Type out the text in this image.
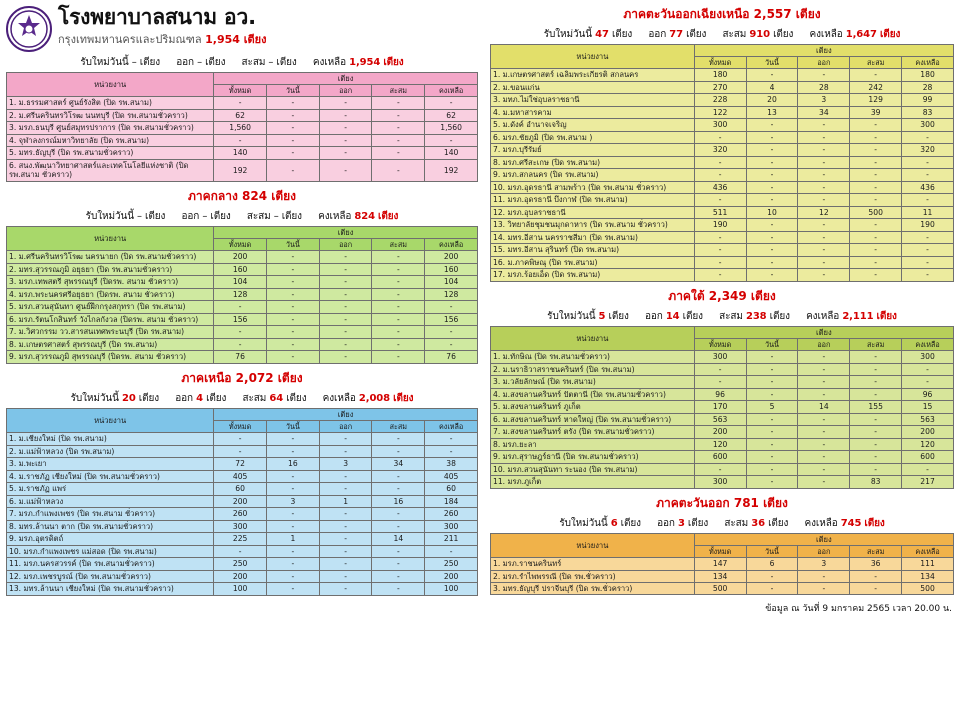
โรงพยาบาลสนาม อว.
กรุงเทพมหานครและปริมณฑล 1,954 เตียง
รับใหม่วันนี้ – เตียง ออก – เตียง สะสม – เตียง คงเหลือ 1,954 เตียง
หน่วยงาน	เตียง				
	ทั้งหมด	วันนี้	ออก	สะสม	คงเหลือ
1. ม.ธรรมศาสตร์ ศูนย์รังสิต (ปิด รพ.สนาม)	-	-	-	-	-
2. ม.ศรีนครินทรวิโรฒ นนทบุรี (ปิด รพ.สนามชั่วคราว)	62	-	-	-	62
3. มรภ.ธนบุรี ศูนย์สมุทรปราการ (ปิด รพ.สนามชั่วคราว)	1,560	-	-	-	1,560
4. จุฬาลงกรณ์มหาวิทยาลัย (ปิด รพ.สนาม)	-	-	-	-	-
5. มทร.ธัญบุรี (ปิด รพ.สนามชั่วคราว)	140	-	-	-	140
6. สนง.พัฒนาวิทยาศาสตร์และเทคโนโลยีแห่งชาติ (ปิด รพ.สนาม ชั่วคราว)	192	-	-	-	192
ภาคกลาง 824 เตียง
รับใหม่วันนี้ – เตียง ออก – เตียง สะสม – เตียง คงเหลือ 824 เตียง
หน่วยงาน	เตียง				
	ทั้งหมด	วันนี้	ออก	สะสม	คงเหลือ
1. ม.ศรีนครินทรวิโรฒ นครนายก (ปิด รพ.สนามชั่วคราว)	200	-	-	-	200
2. มทร.สุวรรณภูมิ อยุธยา (ปิด รพ.สนามชั่วคราว)	160	-	-	-	160
3. มรภ.เทพสตรี สุพรรณบุรี (ปิดรพ. สนาม ชั่วคราว)	104	-	-	-	104
4. มรภ.พระนครศรีอยุธยา (ปิดรพ. สนาม ชั่วคราว)	128	-	-	-	128
5. มรภ.สวนสุนันทา ศูนย์ฝึกกรุงสกุทรา (ปิด รพ.สนาม)	-	-	-	-	-
6. มรภ.รัตนโกสินทร์ วังไกลกังวล (ปิดรพ. สนาม ชั่วคราว)	156	-	-	-	156
7. ม.วิศวกรรม วว.สารสนเทศพระนบุรี (ปิด รพ.สนาม)	-	-	-	-	-
8. ม.เกษตรศาสตร์ สุพรรณบุรี (ปิด รพ.สนาม)	-	-	-	-	-
9. มรภ.สุวรรณภูมิ สุพรรณบุรี (ปิดรพ. สนาม ชั่วคราว)	76	-	-	-	76
ภาคเหนือ 2,072 เตียง
รับใหม่วันนี้ 20 เตียง ออก 4 เตียง สะสม 64 เตียง คงเหลือ 2,008 เตียง
หน่วยงาน	เตียง				
	ทั้งหมด	วันนี้	ออก	สะสม	คงเหลือ
1. ม.เชียงใหม่ (ปิด รพ.สนาม)	-	-	-	-	-
2. ม.แม่ฟ้าหลวง (ปิด รพ.สนาม)	-	-	-	-	-
3. ม.พะเยา	72	16	3	34	38
4. ม.ราชภัฏ เชียงใหม่ (ปิด รพ.สนามชั่วคราว)	405	-	-	-	405
5. ม.ราชภัฏ แพร่	60	-	-	-	60
6. ม.แม่ฟ้าหลวง	200	3	1	16	184
7. มรภ.กำแพงเพชร (ปิด รพ.สนาม ชั่วคราว)	260	-	-	-	260
8. มทร.ล้านนา ตาก (ปิด รพ.สนามชั่วคราว)	300	-	-	-	300
9. มรภ.อุตรดิตถ์	225	1	-	14	211
10. มรภ.กำแพงเพชร แม่สอด (ปิด รพ.สนาม)	-	-	-	-	-
11. มรภ.นครสวรรค์ (ปิด รพ.สนามชั่วคราว)	250	-	-	-	250
12. มรภ.เพชรบูรณ์ (ปิด รพ.สนามชั่วคราว)	200	-	-	-	200
13. มทร.ล้านนา เชียงใหม่ (ปิด รพ.สนามชั่วคราว)	100	-	-	-	100
ภาคตะวันออกเฉียงเหนือ 2,557 เตียง
รับใหม่วันนี้ 47 เตียง ออก 77 เตียง สะสม 910 เตียง คงเหลือ 1,647 เตียง
หน่วยงาน	เตียง				
	ทั้งหมด	วันนี้	ออก	สะสม	คงเหลือ
1. ม.เกษตรศาสตร์ เฉลิมพระเกียรติ สกลนคร	180	-	-	-	180
2. ม.ขอนแก่น	270	4	28	242	28
3. มทภ.ไม่ใช่อุบลราชธานี	228	20	3	129	99
4. ม.มหาสารคาม	122	13	34	39	83
5. ม.ดังค์ อำนาจเจริญ	300	-	-	-	300
6. มรภ.ชัยภูมิ (ปิด รพ.สนาม )	-	-	-	-	-
7. มรภ.บุรีรัมย์	320	-	-	-	320
8. มรภ.ศรีสะเกษ (ปิด รพ.สนาม)	-	-	-	-	-
9. มรภ.สกลนคร (ปิด รพ.สนาม)	-	-	-	-	-
10. มรภ.อุดรธานี สามพร้าว (ปิด รพ.สนาม ชั่วคราว)	436	-	-	-	436
11. มรภ.อุดรธานี บึงกาฬ (ปิด รพ.สนาม)	-	-	-	-	-
12. มรภ.อุบลราชธานี	511	10	12	500	11
13. วิทยาลัยชุมชนมุกดาหาร (ปิด รพ.สนาม ชั่วคราว)	190	-	-	-	190
14. มทร.อีสาน นครราชสีมา (ปิด รพ.สนาม)	-	-	-	-	-
15. มทร.อีสาน สุรินทร์ (ปิด รพ.สนาม)	-	-	-	-	-
16. ม.ภาคพิษณุ (ปิด รพ.สนาม)	-	-	-	-	-
17. มรภ.ร้อยเอ็ด (ปิด รพ.สนาม)	-	-	-	-	-
ภาคใต้ 2,349 เตียง
รับใหม่วันนี้ 5 เตียง ออก 14 เตียง สะสม 238 เตียง คงเหลือ 2,111 เตียง
หน่วยงาน	เตียง				
	ทั้งหมด	วันนี้	ออก	สะสม	คงเหลือ
1. ม.ทักษิณ (ปิด รพ.สนามชั่วคราว)	300	-	-	-	300
2. ม.นราธิวาสราชนครินทร์ (ปิด รพ.สนาม)	-	-	-	-	-
3. ม.วลัยลักษณ์ (ปิด รพ.สนาม)	-	-	-	-	-
4. ม.สงขลานครินทร์ ปัตตานี (ปิด รพ.สนามชั่วคราว)	96	-	-	-	96
5. ม.สงขลานครินทร์ ภูเก็ต	170	5	14	155	15
6. ม.สงขลานครินทร์ หาดใหญ่ (ปิด รพ.สนามชั่วคราว)	563	-	-	-	563
7. ม.สงขลานครินทร์ ตรัง (ปิด รพ.สนามชั่วคราว)	200	-	-	-	200
8. มรภ.ยะลา	120	-	-	-	120
9. มรภ.สุราษฎร์ธานี (ปิด รพ.สนามชั่วคราว)	600	-	-	-	600
10. มรภ.สวนสุนันทา ระนอง (ปิด รพ.สนาม)	-	-	-	-	-
11. มรภ.ภูเก็ต	300	-	-	83	217
ภาคตะวันออก 781 เตียง
รับใหม่วันนี้ 6 เตียง ออก 3 เตียง สะสม 36 เตียง คงเหลือ 745 เตียง
หน่วยงาน	เตียง				
	ทั้งหมด	วันนี้	ออก	สะสม	คงเหลือ
1. มรภ.ราชนครินทร์	147	6	3	36	111
2. มรภ.รำไพพรรณี (ปิด รพ.ชั่วคราว)	134	-	-	-	134
3. มทร.ธัญบุรี ปราจีนบุรี (ปิด รพ.ชั่วคราว)	500	-	-	-	500
ข้อมูล ณ วันที่ 9 มกราคม 2565 เวลา 20.00 น.
